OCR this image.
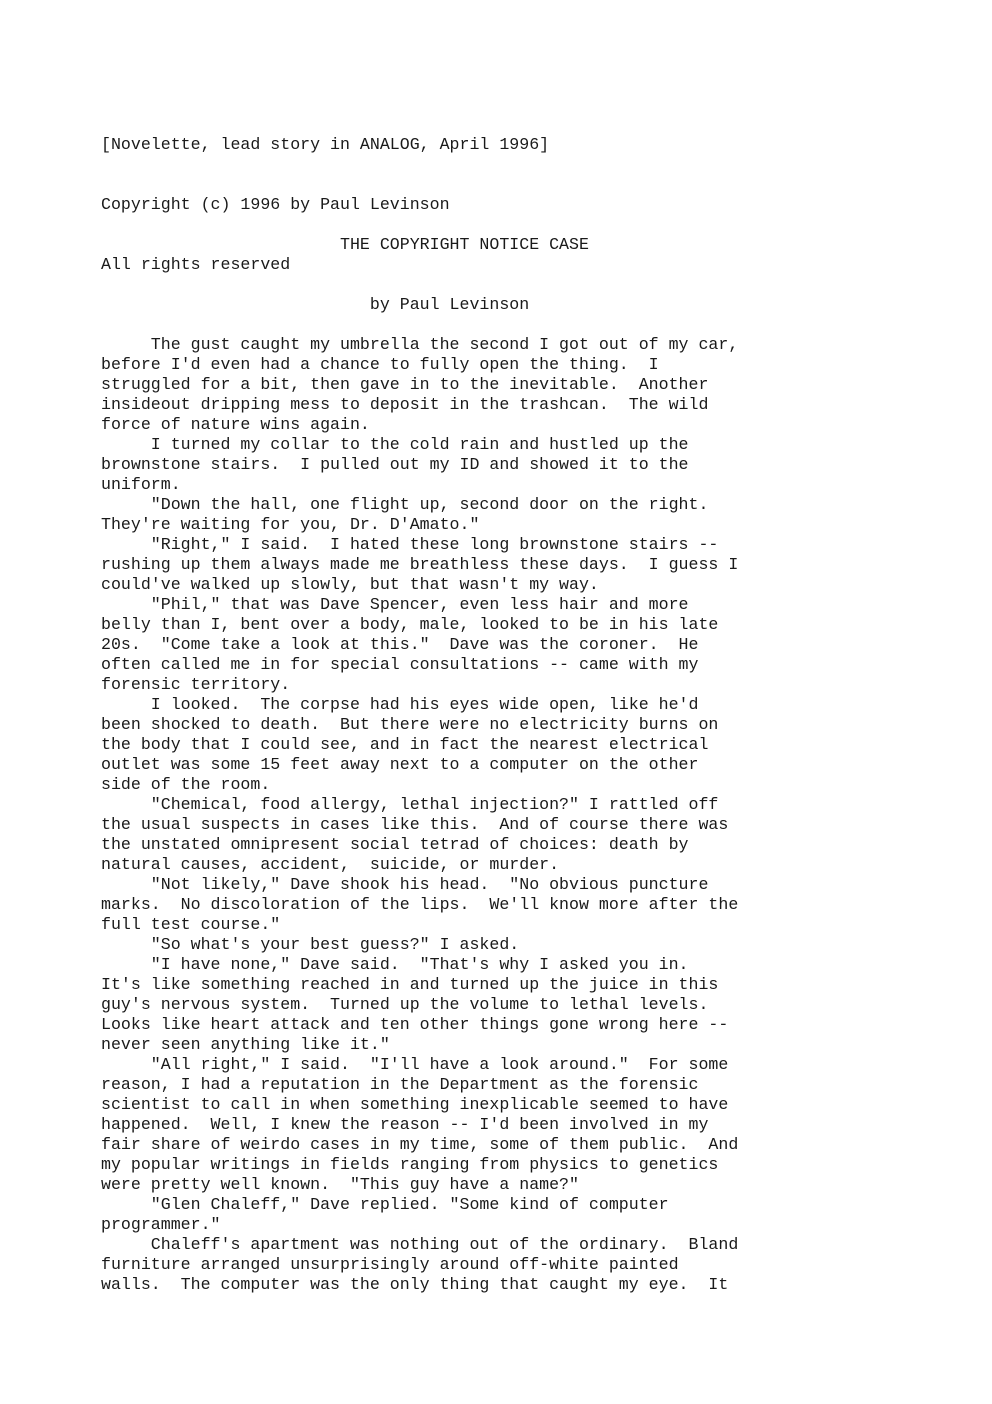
[Novelette, lead story in ANALOG, April 1996]

Copyright (c) 1996 by Paul Levinson

All rights reserved

THE COPYRIGHT NOTICE CASE
by Paul Levinson
The gust caught my umbrella the second I got out of my car,
before I'd even had a chance to fully open the thing.  I
struggled for a bit, then gave in to the inevitable.  Another
insideout dripping mess to deposit in the trashcan.  The wild
force of nature wins again.
I turned my collar to the cold rain and hustled up the
brownstone stairs.  I pulled out my ID and showed it to the
uniform.
"Down the hall, one flight up, second door on the right.
They're waiting for you, Dr. D'Amato."
"Right," I said.  I hated these long brownstone stairs --
rushing up them always made me breathless these days.  I guess I
could've walked up slowly, but that wasn't my way.
"Phil," that was Dave Spencer, even less hair and more
belly than I, bent over a body, male, looked to be in his late
20s.  "Come take a look at this."  Dave was the coroner.  He
often called me in for special consultations -- came with my
forensic territory.
I looked.  The corpse had his eyes wide open, like he'd
been shocked to death.  But there were no electricity burns on
the body that I could see, and in fact the nearest electrical
outlet was some 15 feet away next to a computer on the other
side of the room.
"Chemical, food allergy, lethal injection?" I rattled off
the usual suspects in cases like this.  And of course there was
the unstated omnipresent social tetrad of choices: death by
natural causes, accident,  suicide, or murder.
"Not likely," Dave shook his head.  "No obvious puncture
marks.  No discoloration of the lips.  We'll know more after the
full test course."
"So what's your best guess?" I asked.
"I have none," Dave said.  "That's why I asked you in.
It's like something reached in and turned up the juice in this
guy's nervous system.  Turned up the volume to lethal levels.
Looks like heart attack and ten other things gone wrong here --
never seen anything like it."
"All right," I said.  "I'll have a look around."  For some
reason, I had a reputation in the Department as the forensic
scientist to call in when something inexplicable seemed to have
happened.  Well, I knew the reason -- I'd been involved in my
fair share of weirdo cases in my time, some of them public.  And
my popular writings in fields ranging from physics to genetics
were pretty well known.  "This guy have a name?"
"Glen Chaleff," Dave replied. "Some kind of computer
programmer."
Chaleff's apartment was nothing out of the ordinary.  Bland
furniture arranged unsurprisingly around off-white painted
walls.  The computer was the only thing that caught my eye.  It
